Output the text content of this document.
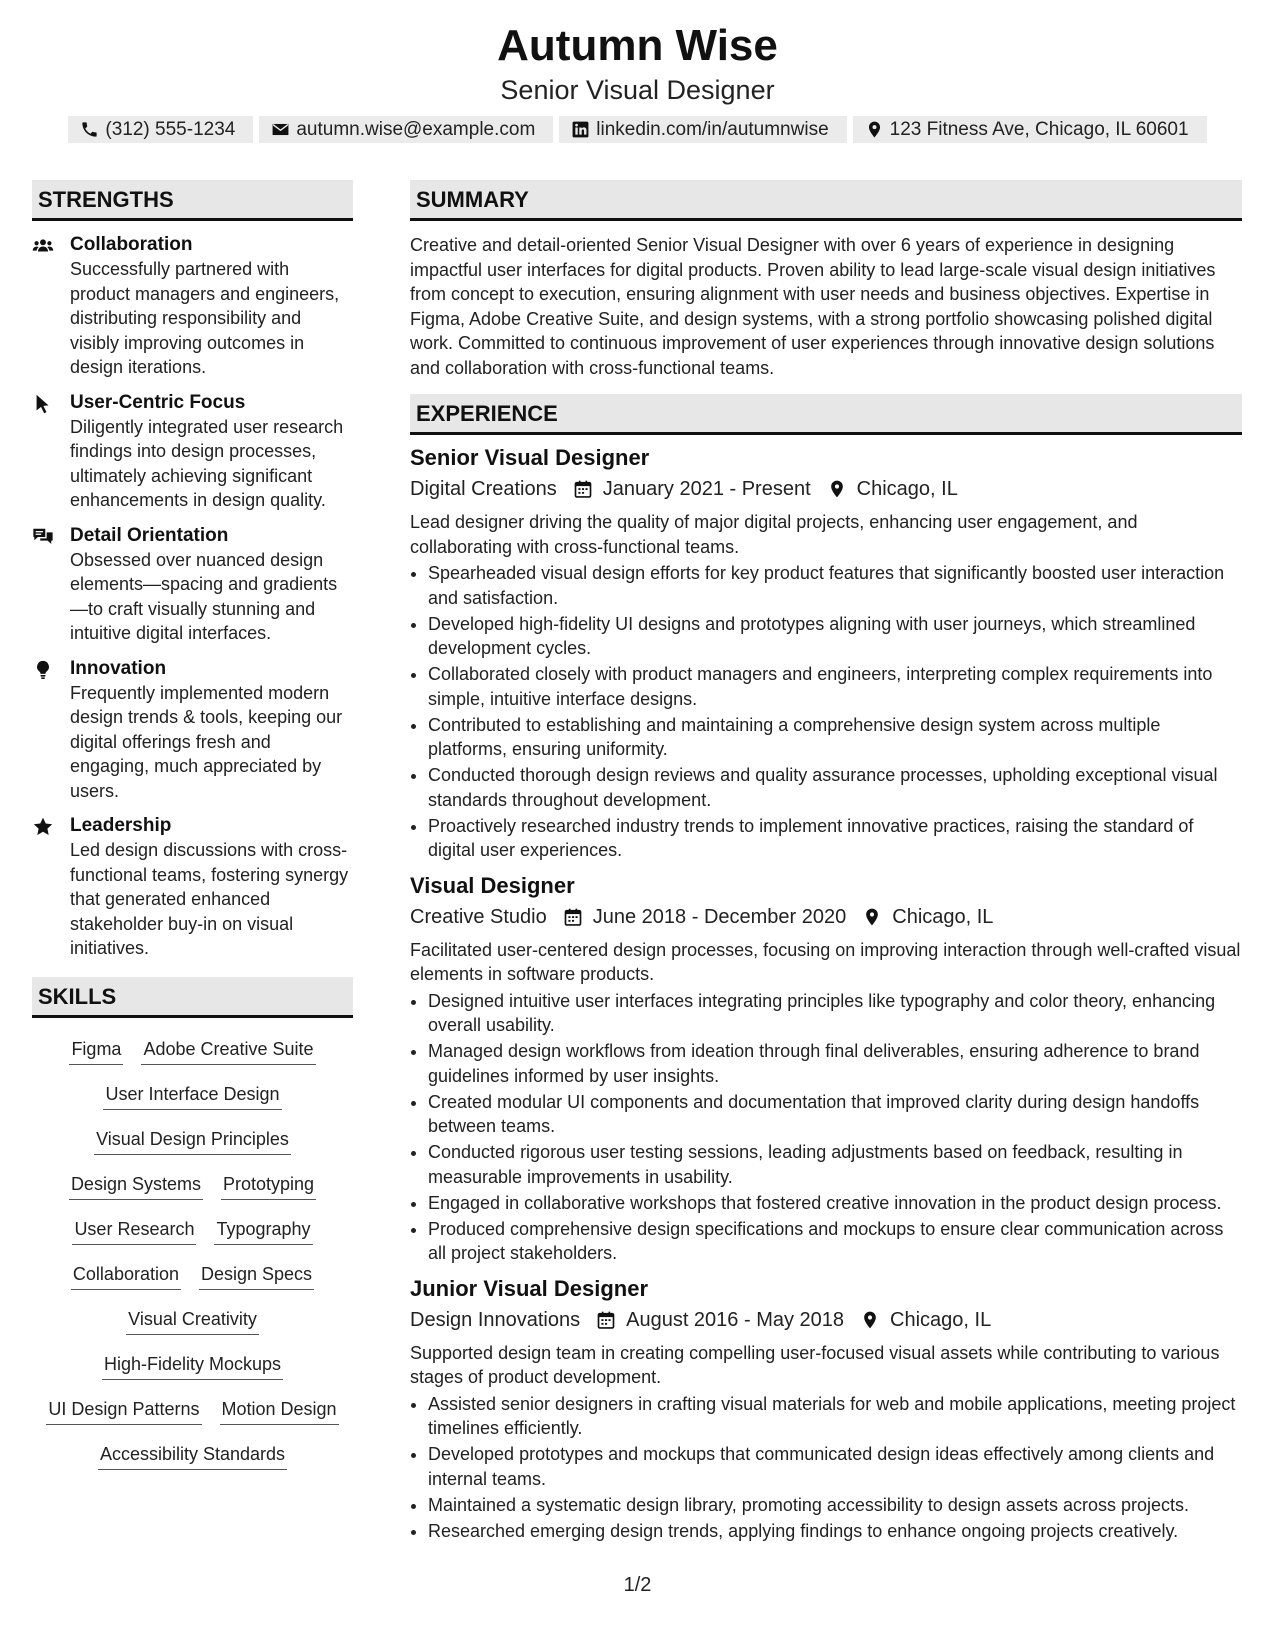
Autumn Wise
Senior Visual Designer
(312) 555-1234	autumn.wise@example.com	linkedin.com/in/autumnwise	123 Fitness Ave, Chicago, IL 60601
STRENGTHS
Collaboration
Successfully partnered with product managers and engineers, distributing responsibility and visibly improving outcomes in design iterations.
User-Centric Focus
Diligently integrated user research findings into design processes, ultimately achieving significant enhancements in design quality.
Detail Orientation
Obsessed over nuanced design elements—spacing and gradients—to craft visually stunning and intuitive digital interfaces.
Innovation
Frequently implemented modern design trends & tools, keeping our digital offerings fresh and engaging, much appreciated by users.
Leadership
Led design discussions with cross-functional teams, fostering synergy that generated enhanced stakeholder buy-in on visual initiatives.
SKILLS
Figma Adobe Creative Suite
User Interface Design
Visual Design Principles
Design Systems Prototyping
User Research Typography
Collaboration Design Specs
Visual Creativity
High-Fidelity Mockups
UI Design Patterns Motion Design
Accessibility Standards
SUMMARY
Creative and detail-oriented Senior Visual Designer with over 6 years of experience in designing impactful user interfaces for digital products. Proven ability to lead large-scale visual design initiatives from concept to execution, ensuring alignment with user needs and business objectives. Expertise in Figma, Adobe Creative Suite, and design systems, with a strong portfolio showcasing polished digital work. Committed to continuous improvement of user experiences through innovative design solutions and collaboration with cross-functional teams.
EXPERIENCE
Senior Visual Designer
Digital Creations January 2021 - Present Chicago, IL
Lead designer driving the quality of major digital projects, enhancing user engagement, and collaborating with cross-functional teams.
• Spearheaded visual design efforts for key product features that significantly boosted user interaction and satisfaction.
• Developed high-fidelity UI designs and prototypes aligning with user journeys, which streamlined development cycles.
• Collaborated closely with product managers and engineers, interpreting complex requirements into simple, intuitive interface designs.
• Contributed to establishing and maintaining a comprehensive design system across multiple platforms, ensuring uniformity.
• Conducted thorough design reviews and quality assurance processes, upholding exceptional visual standards throughout development.
• Proactively researched industry trends to implement innovative practices, raising the standard of digital user experiences.
Visual Designer
Creative Studio June 2018 - December 2020 Chicago, IL
Facilitated user-centered design processes, focusing on improving interaction through well-crafted visual elements in software products.
• Designed intuitive user interfaces integrating principles like typography and color theory, enhancing overall usability.
• Managed design workflows from ideation through final deliverables, ensuring adherence to brand guidelines informed by user insights.
• Created modular UI components and documentation that improved clarity during design handoffs between teams.
• Conducted rigorous user testing sessions, leading adjustments based on feedback, resulting in measurable improvements in usability.
• Engaged in collaborative workshops that fostered creative innovation in the product design process.
• Produced comprehensive design specifications and mockups to ensure clear communication across all project stakeholders.
Junior Visual Designer
Design Innovations August 2016 - May 2018 Chicago, IL
Supported design team in creating compelling user-focused visual assets while contributing to various stages of product development.
• Assisted senior designers in crafting visual materials for web and mobile applications, meeting project timelines efficiently.
• Developed prototypes and mockups that communicated design ideas effectively among clients and internal teams.
• Maintained a systematic design library, promoting accessibility to design assets across projects.
• Researched emerging design trends, applying findings to enhance ongoing projects creatively.
1/2
